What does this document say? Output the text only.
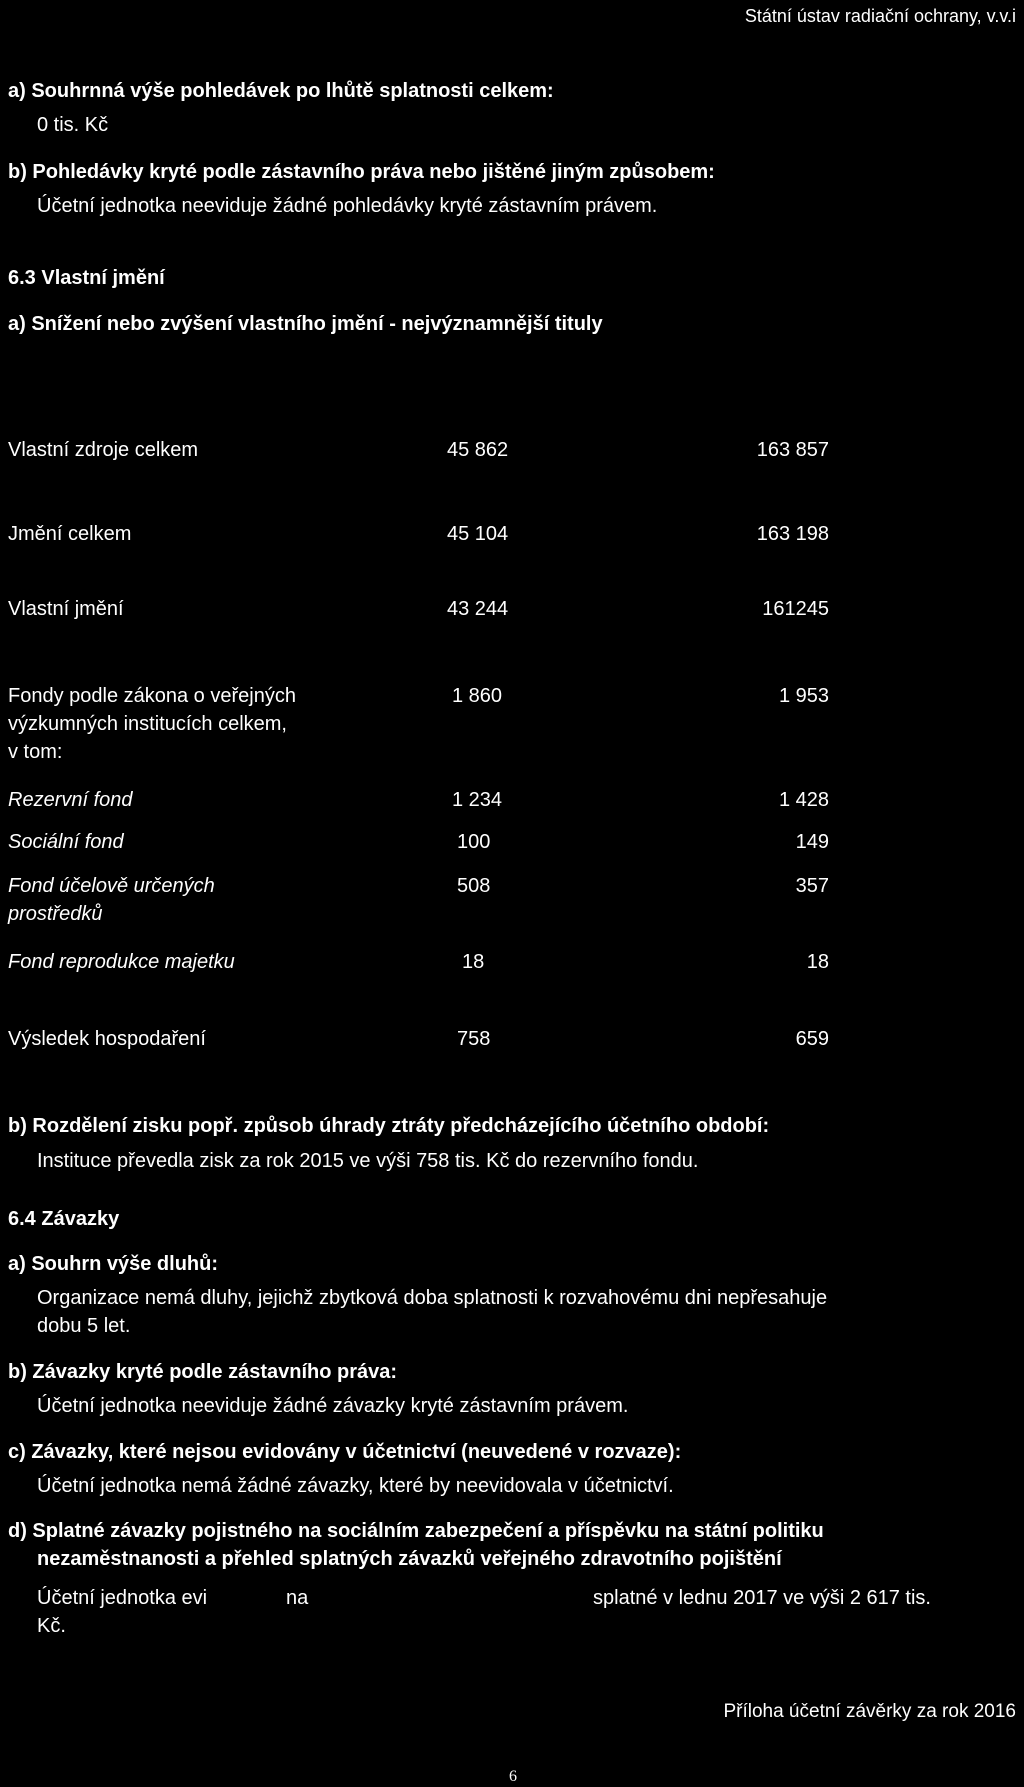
Státní ústav radiační ochrany, v.v.i
a) Souhrnná výše pohledávek po lhůtě splatnosti celkem:
0 tis. Kč
b) Pohledávky kryté podle zástavního práva nebo jištěné jiným způsobem:
Účetní jednotka neeviduje žádné pohledávky kryté zástavním právem.
6.3 Vlastní jmění
a) Snížení nebo zvýšení vlastního jmění - nejvýznamnější tituly
Vlastní zdroje celkem	45 862	163 857
Jmění celkem	45 104	163 198
Vlastní jmění	43 244	161245
Fondy podle zákona o veřejných
výzkumných institucích celkem,
v tom:
1 860	1 953
Rezervní fond	1 234	1 428
Sociální fond	100	149
Fond účelově určených
prostředků
508	357
Fond reprodukce majetku	18	18
Výsledek hospodaření	758	659
b) Rozdělení zisku popř. způsob úhrady ztráty předcházejícího účetního období:
Instituce převedla zisk za rok 2015 ve výši 758 tis. Kč do rezervního fondu.
6.4 Závazky
a) Souhrn výše dluhů:
Organizace nemá dluhy, jejichž zbytková doba splatnosti k rozvahovému dni nepřesahuje
dobu 5 let.
b) Závazky kryté podle zástavního práva:
Účetní jednotka neeviduje žádné závazky kryté zástavním právem.
c) Závazky, které nejsou evidovány v účetnictví (neuvedené v rozvaze):
Účetní jednotka nemá žádné závazky, které by neevidovala v účetnictví.
d) Splatné závazky pojistného na sociálním zabezpečení a příspěvku na státní politiku
nezaměstnanosti a přehled splatných závazků veřejného zdravotního pojištění
Účetní jednotka evi	na	splatné v lednu 2017 ve výši 2 617 tis.
Kč.
Příloha účetní závěrky za rok 2016
6
